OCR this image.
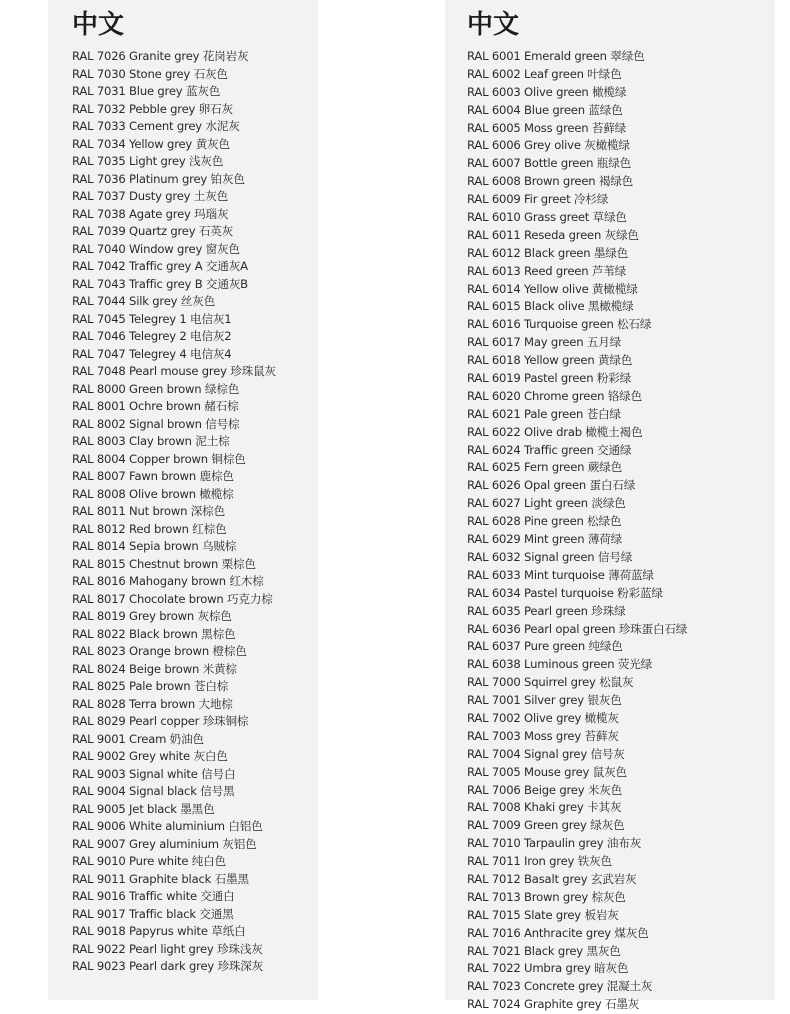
中文
RAL 7026 Granite grey 花岗岩灰
RAL 7030 Stone grey 石灰色
RAL 7031 Blue grey 蓝灰色
RAL 7032 Pebble grey 卵石灰
RAL 7033 Cement grey 水泥灰
RAL 7034 Yellow grey 黄灰色
RAL 7035 Light grey 浅灰色
RAL 7036 Platinum grey 铂灰色
RAL 7037 Dusty grey 土灰色
RAL 7038 Agate grey 玛瑙灰
RAL 7039 Quartz grey 石英灰
RAL 7040 Window grey 窗灰色
RAL 7042 Traffic grey A 交通灰A
RAL 7043 Traffic grey B 交通灰B
RAL 7044 Silk grey 丝灰色
RAL 7045 Telegrey 1 电信灰1
RAL 7046 Telegrey 2 电信灰2
RAL 7047 Telegrey 4 电信灰4
RAL 7048 Pearl mouse grey 珍珠鼠灰
RAL 8000 Green brown 绿棕色
RAL 8001 Ochre brown 赭石棕
RAL 8002 Signal brown 信号棕
RAL 8003 Clay brown 泥土棕
RAL 8004 Copper brown 铜棕色
RAL 8007 Fawn brown 鹿棕色
RAL 8008 Olive brown 橄榄棕
RAL 8011 Nut brown 深棕色
RAL 8012 Red brown 红棕色
RAL 8014 Sepia brown 乌贼棕
RAL 8015 Chestnut brown 栗棕色
RAL 8016 Mahogany brown 红木棕
RAL 8017 Chocolate brown 巧克力棕
RAL 8019 Grey brown 灰棕色
RAL 8022 Black brown 黑棕色
RAL 8023 Orange brown 橙棕色
RAL 8024 Beige brown 米黄棕
RAL 8025 Pale brown 苍白棕
RAL 8028 Terra brown 大地棕
RAL 8029 Pearl copper 珍珠铜棕
RAL 9001 Cream 奶油色
RAL 9002 Grey white 灰白色
RAL 9003 Signal white 信号白
RAL 9004 Signal black 信号黑
RAL 9005 Jet black 墨黑色
RAL 9006 White aluminium 白铝色
RAL 9007 Grey aluminium 灰铝色
RAL 9010 Pure white 纯白色
RAL 9011 Graphite black 石墨黑
RAL 9016 Traffic white 交通白
RAL 9017 Traffic black 交通黑
RAL 9018 Papyrus white 草纸白
RAL 9022 Pearl light grey 珍珠浅灰
RAL 9023 Pearl dark grey 珍珠深灰
中文
RAL 6001 Emerald green 翠绿色
RAL 6002 Leaf green 叶绿色
RAL 6003 Olive green 橄榄绿
RAL 6004 Blue green 蓝绿色
RAL 6005 Moss green 苔藓绿
RAL 6006 Grey olive 灰橄榄绿
RAL 6007 Bottle green 瓶绿色
RAL 6008 Brown green 褐绿色
RAL 6009 Fir greet 冷杉绿
RAL 6010 Grass greet 草绿色
RAL 6011 Reseda green 灰绿色
RAL 6012 Black green 墨绿色
RAL 6013 Reed green 芦苇绿
RAL 6014 Yellow olive 黄橄榄绿
RAL 6015 Black olive 黑橄榄绿
RAL 6016 Turquoise green 松石绿
RAL 6017 May green 五月绿
RAL 6018 Yellow green 黄绿色
RAL 6019 Pastel green 粉彩绿
RAL 6020 Chrome green 铬绿色
RAL 6021 Pale green 苍白绿
RAL 6022 Olive drab 橄榄土褐色
RAL 6024 Traffic green 交通绿
RAL 6025 Fern green 蕨绿色
RAL 6026 Opal green 蛋白石绿
RAL 6027 Light green 淡绿色
RAL 6028 Pine green 松绿色
RAL 6029 Mint green 薄荷绿
RAL 6032 Signal green 信号绿
RAL 6033 Mint turquoise 薄荷蓝绿
RAL 6034 Pastel turquoise 粉彩蓝绿
RAL 6035 Pearl green 珍珠绿
RAL 6036 Pearl opal green 珍珠蛋白石绿
RAL 6037 Pure green 纯绿色
RAL 6038 Luminous green 荧光绿
RAL 7000 Squirrel grey 松鼠灰
RAL 7001 Silver grey 银灰色
RAL 7002 Olive grey 橄榄灰
RAL 7003 Moss grey 苔藓灰
RAL 7004 Signal grey 信号灰
RAL 7005 Mouse grey 鼠灰色
RAL 7006 Beige grey 米灰色
RAL 7008 Khaki grey 卡其灰
RAL 7009 Green grey 绿灰色
RAL 7010 Tarpaulin grey 油布灰
RAL 7011 Iron grey 铁灰色
RAL 7012 Basalt grey 玄武岩灰
RAL 7013 Brown grey 棕灰色
RAL 7015 Slate grey 板岩灰
RAL 7016 Anthracite grey 煤灰色
RAL 7021 Black grey 黑灰色
RAL 7022 Umbra grey 暗灰色
RAL 7023 Concrete grey 混凝土灰
RAL 7024 Graphite grey 石墨灰
